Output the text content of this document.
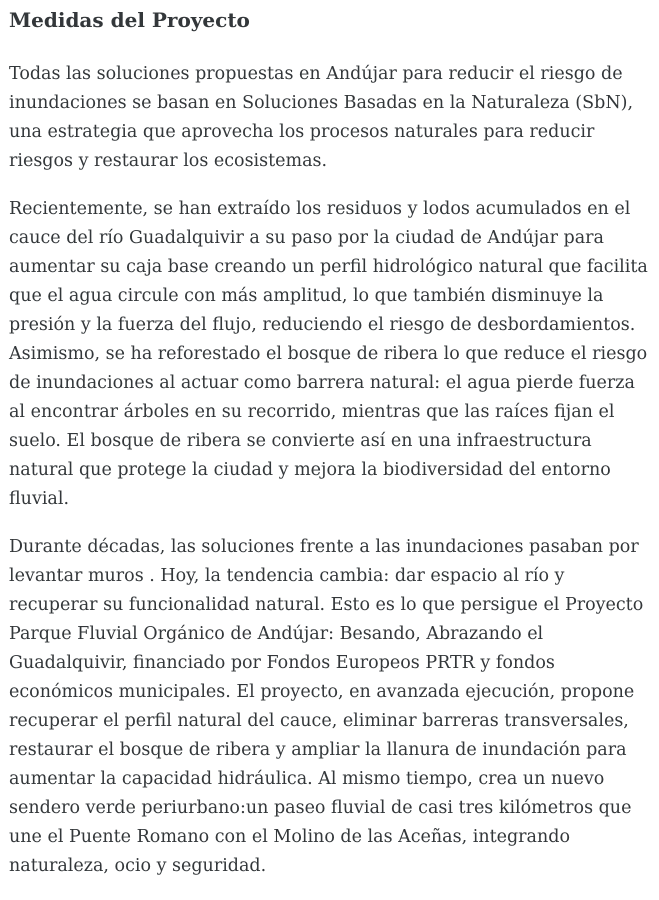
Medidas del Proyecto

Todas las soluciones propuestas en Andújar para reducir el riesgo de inundaciones se basan en Soluciones Basadas en la Naturaleza (SbN), una estrategia que aprovecha los procesos naturales para reducir riesgos y restaurar los ecosistemas.

Recientemente, se han extraído los residuos y lodos acumulados en el cauce del río Guadalquivir a su paso por la ciudad de Andújar para aumentar su caja base creando un perfil hidrológico natural que facilita que el agua circule con más amplitud, lo que también disminuye la presión y la fuerza del flujo, reduciendo el riesgo de desbordamientos. Asimismo, se ha reforestado el bosque de ribera lo que reduce el riesgo de inundaciones al actuar como barrera natural: el agua pierde fuerza al encontrar árboles en su recorrido, mientras que las raíces fijan el suelo. El bosque de ribera se convierte así en una infraestructura natural que protege la ciudad y mejora la biodiversidad del entorno fluvial.

Durante décadas, las soluciones frente a las inundaciones pasaban por levantar muros . Hoy, la tendencia cambia: dar espacio al río y recuperar su funcionalidad natural. Esto es lo que persigue el Proyecto Parque Fluvial Orgánico de Andújar: Besando, Abrazando el Guadalquivir, financiado por Fondos Europeos PRTR y fondos económicos municipales. El proyecto, en avanzada ejecución, propone recuperar el perfil natural del cauce, eliminar barreras transversales, restaurar el bosque de ribera y ampliar la llanura de inundación para aumentar la capacidad hidráulica. Al mismo tiempo, crea un nuevo sendero verde periurbano:un paseo fluvial de casi tres kilómetros que une el Puente Romano con el Molino de las Aceñas, integrando naturaleza, ocio y seguridad.
